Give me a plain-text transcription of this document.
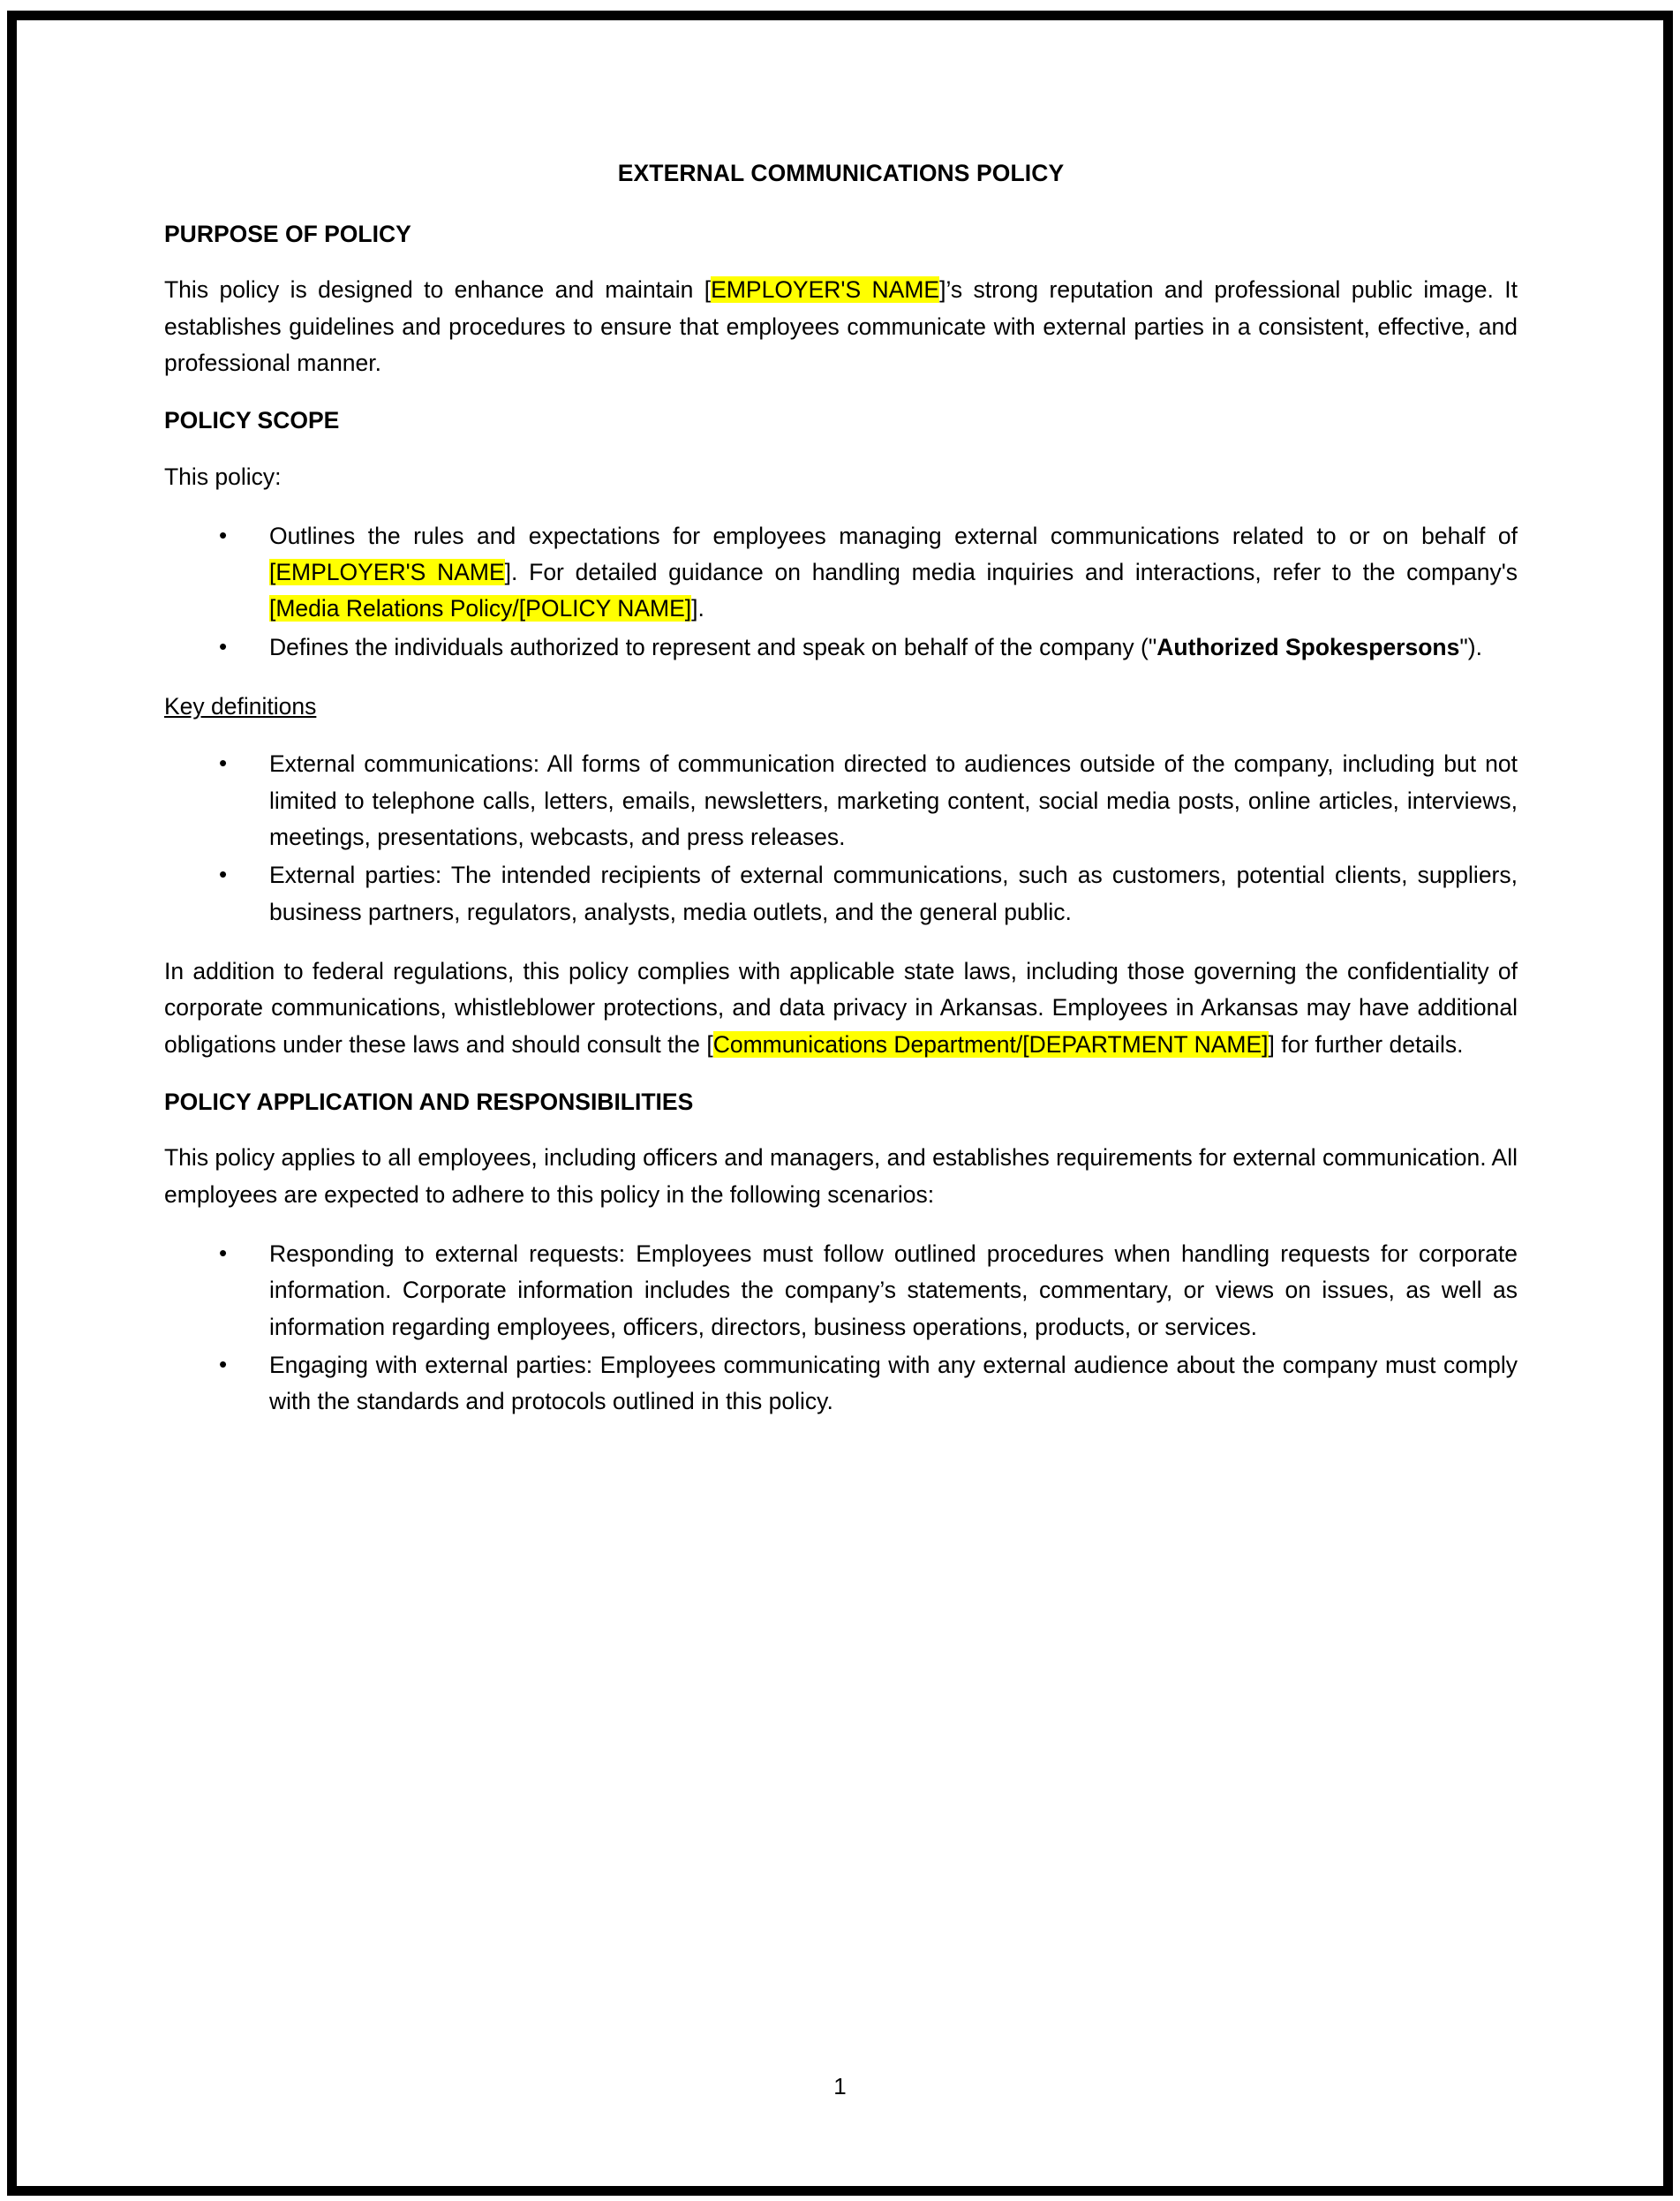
EXTERNAL COMMUNICATIONS POLICY
PURPOSE OF POLICY

This policy is designed to enhance and maintain [EMPLOYER'S NAME]’s strong reputation and professional public image. It establishes guidelines and procedures to ensure that employees communicate with external parties in a consistent, effective, and professional manner.

POLICY SCOPE

This policy:

• Outlines the rules and expectations for employees managing external communications related to or on behalf of [EMPLOYER'S NAME]. For detailed guidance on handling media inquiries and interactions, refer to the company's [Media Relations Policy/[POLICY NAME]].
• Defines the individuals authorized to represent and speak on behalf of the company ("Authorized Spokespersons").
Key definitions
• External communications: All forms of communication directed to audiences outside of the company, including but not limited to telephone calls, letters, emails, newsletters, marketing content, social media posts, online articles, interviews, meetings, presentations, webcasts, and press releases.
• External parties: The intended recipients of external communications, such as customers, potential clients, suppliers, business partners, regulators, analysts, media outlets, and the general public.

In addition to federal regulations, this policy complies with applicable state laws, including those governing the confidentiality of corporate communications, whistleblower protections, and data privacy in Arkansas. Employees in Arkansas may have additional obligations under these laws and should consult the [Communications Department/[DEPARTMENT NAME]] for further details.

POLICY APPLICATION AND RESPONSIBILITIES

This policy applies to all employees, including officers and managers, and establishes requirements for external communication. All employees are expected to adhere to this policy in the following scenarios:

• Responding to external requests: Employees must follow outlined procedures when handling requests for corporate information. Corporate information includes the company’s statements, commentary, or views on issues, as well as information regarding employees, officers, directors, business operations, products, or services.
• Engaging with external parties: Employees communicating with any external audience about the company must comply with the standards and protocols outlined in this policy.
1
